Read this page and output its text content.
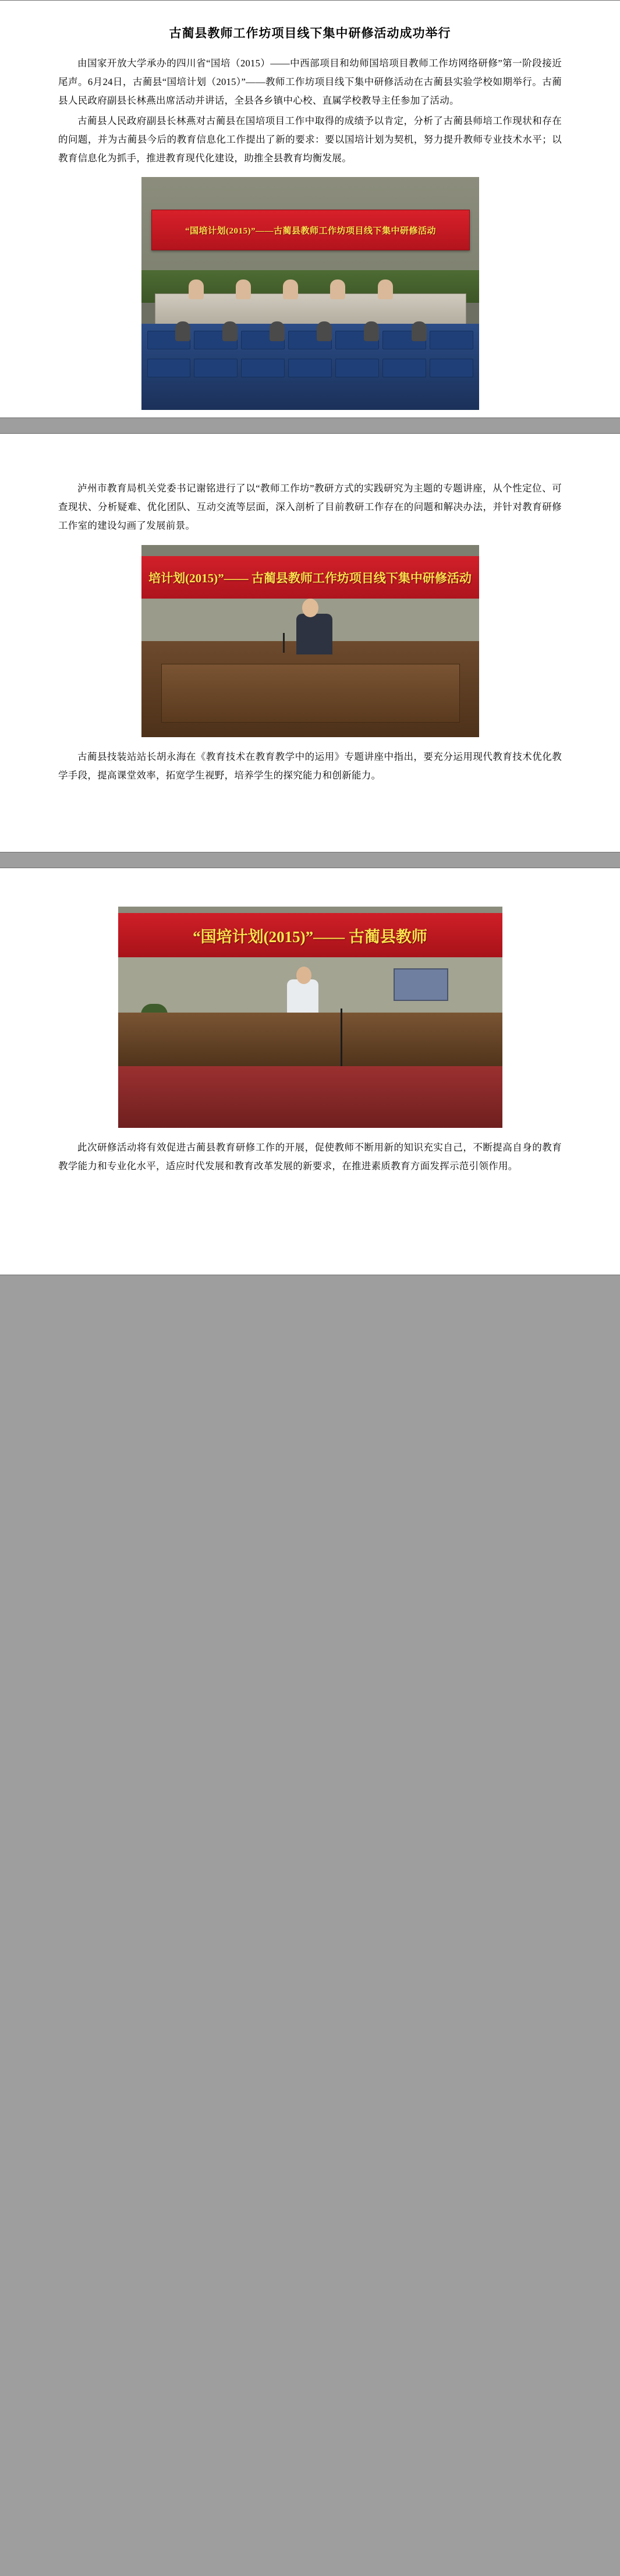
古蔺县教师工作坊项目线下集中研修活动成功举行

由国家开放大学承办的四川省“国培（2015）——中西部项目和幼师国培项目教师工作坊网络研修”第一阶段接近尾声。6月24日，古蔺县“国培计划（2015）”——教师工作坊项目线下集中研修活动在古蔺县实验学校如期举行。古蔺县人民政府副县长林燕出席活动并讲话，全县各乡镇中心校、直属学校教导主任参加了活动。

古蔺县人民政府副县长林燕对古蔺县在国培项目工作中取得的成绩予以肯定，分析了古蔺县师培工作现状和存在的问题，并为古蔺县今后的教育信息化工作提出了新的要求：要以国培计划为契机，努力提升教师专业技术水平；以教育信息化为抓手，推进教育现代化建设，助推全县教育均衡发展。

“国培计划(2015)”——古蔺县教师工作坊项目线下集中研修活动

泸州市教育局机关党委书记谢铭进行了以“教师工作坊”教研方式的实践研究为主题的专题讲座，从个性定位、可查现状、分析疑难、优化团队、互动交流等层面，深入剖析了目前教研工作存在的问题和解决办法，并针对教育研修工作室的建设勾画了发展前景。

培计划(2015)”—— 古蔺县教师工作坊项目线下集中研修活动

古蔺县技装站站长胡永海在《教育技术在教育教学中的运用》专题讲座中指出，要充分运用现代教育技术优化教学手段，提高课堂效率，拓宽学生视野，培养学生的探究能力和创新能力。

“国培计划(2015)”—— 古蔺县教师

此次研修活动将有效促进古蔺县教育研修工作的开展，促使教师不断用新的知识充实自己，不断提高自身的教育教学能力和专业化水平，适应时代发展和教育改革发展的新要求，在推进素质教育方面发挥示范引领作用。
